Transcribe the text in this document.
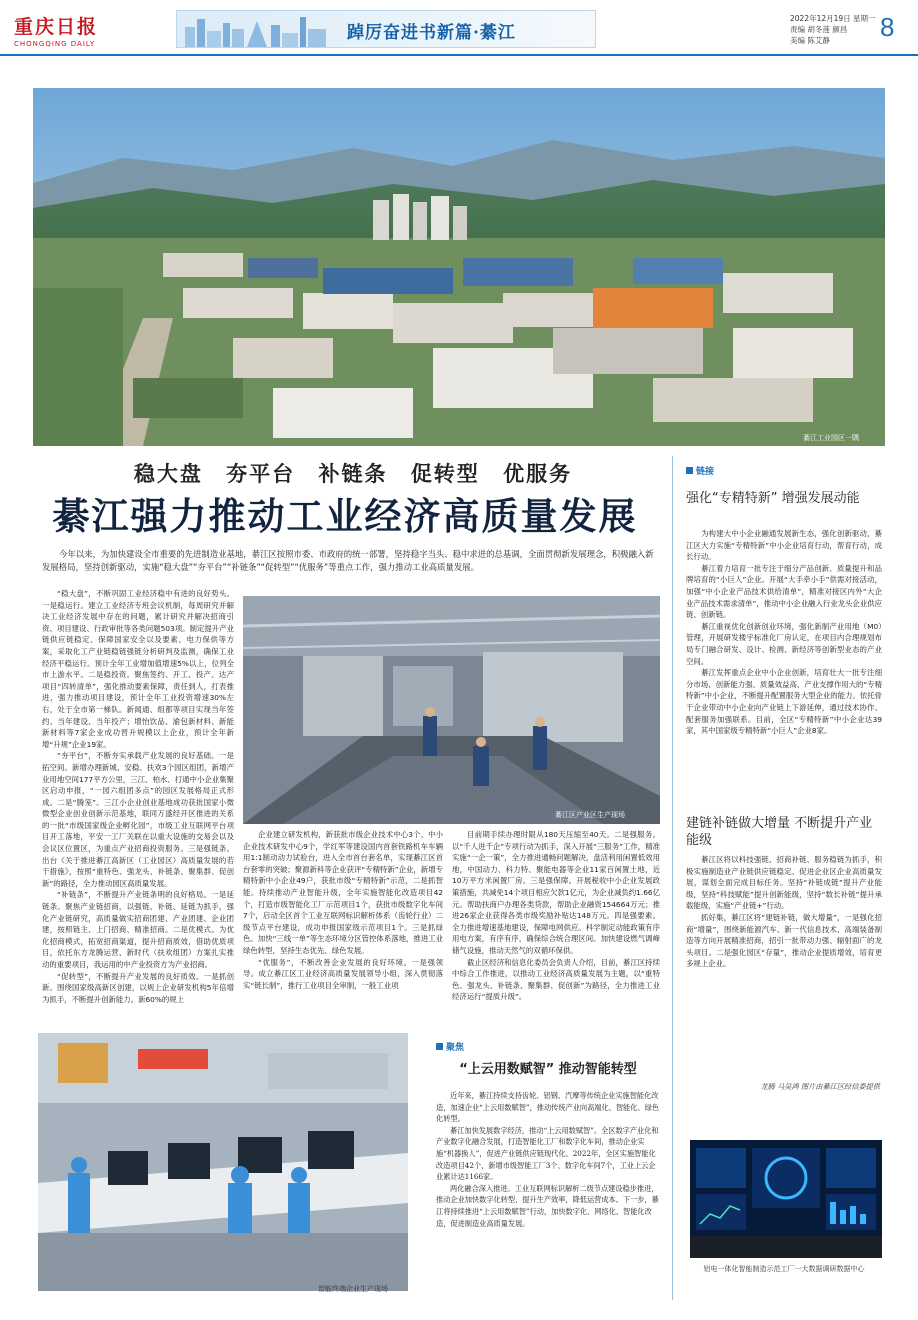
重庆日报
CHONGQING DAILY
踔厉奋进书新篇·綦江
2022年12月19日 星期一
责编 胡冬莲 颜昌
美编 陈艾静	8
綦江工业园区一隅
稳大盘 夯平台 补链条 促转型 优服务
綦江强力推动工业经济高质量发展
今年以来，为加快建设全市重要的先进制造业基地，綦江区按照市委、市政府的统一部署，坚持稳字当头、稳中求进的总基调，全面贯彻新发展理念，积极融入新发展格局，坚持创新驱动，实施“稳大盘”“夯平台”“补链条”“促转型”“优服务”等重点工作，强力推动工业高质量发展。

“稳大盘”，不断巩固工业经济稳中有进的良好势头。一是稳运行。建立工业经济专班会议机制，每周研究并解决工业经济发展中存在的问题，累计研究并解决招商引资、项目建设、行政审批等各类问题503项。制定提升产业链供应链稳定、保障国家安全以及要素、电力保供等方案，采取化工产业链稳链强链分析研判及监测，确保工业经济平稳运行。预计全年工业增加值增速5%以上，位列全市上游水平。二是稳投资。聚焦签约、开工、投产、达产项目“四转清单”，强化推动要素保障，责任到人，打表推进，强力推动项目建设，预计全年工业投资增速30%左右，处于全市第一梯队。新闻通、组都等项目实现当年签约、当年建设、当年投产；增怡饮品、渝包新材料、新能新材料等7家企业成功晋升规模以上企业，预计全年新增“升规”企业19家。

“夯平台”，不断夯实承载产业发展的良好基础。一是拓空间。新增办理新城、安稳、扶欢3个园区组团，新增产业用地空间177平方公里，三江、柏水、打通中小企业集聚区启动申报，“一园六组团多点”的园区发展格局正式形成。二是“腾笼”。三江小企业创业基地成功获批国家小微微型企业创业创新示范基地，联同万盛经开区推进的关系的一批“市级国家级企业孵化园”，市级工业互联网平台项目开工落地，平安一工厂关联在以重大设施的交易会以及会议区位置区，为重点产业招商投资服务。三是强链条。出台《关于推进綦江高新区（工业园区）高质量发展的若干措施》，按照“重特色、强龙头、补链条、聚集群、促创新”的路径，全力推动园区高质量发展。

“补链条”，不断提升产业链条明的良好格局。一是延链条。聚焦产业链招商，以强链、补链、延链为抓手，强化产业链研究，高质量做实招商团建、产业团建、企业团建，按照链主、上门招商、精准招商。二是优模式。为优化招商模式，拓宽招商渠道，提升招商质效，借助优质项目，依托东方龙腾运营、新时代（扶欢组团）方案扎实推动的重要项目，我运用的中产业投资方为产业招商。

“促转型”，不断提升产业发展的良好质效。一是抓创新。围绕国家级高新区创建，以规上企业研发机构5年倍增为抓手，不断提升创新能力。新60%的规上

綦江区产业区生产现场

企业建立研发机构，新获批市级企业技术中心3个、中小企业技术研发中心9个，学红军等建设国内首套铁路机车车辆用1:1制动动力试验台，进入全市首台套名单，实现綦江区首台套零的突破；聚源新科等企业获评“专精特新”企业，新增专精特新中小企业49户，获批市级“专精特新”示范，二是抓智能。持续推动产业智能升级，全年实施智能化改造项目42个，打造市级智能化工厂示范项目1个，获批市级数字化车间7个，启动全区首个工业互联网标识解析体系（齿轮行业）二级节点平台建设，成功申报国家级示范项目1个。三是抓绿色。加快“三线一单”等生态环境分区管控体系落地，推进工业绿色转型，坚持生态优先、绿色发展。

“优服务”，不断改善企业发展的良好环境。一是强领导。成立綦江区工业经济高质量发展领导小组，深入贯彻落实“链长制”，推行工业项目全审制，一般工业项

目前期手续办理时限从180天压缩至40天。二是强服务。以“千人进千企”专项行动为抓手，深入开展“三服务”工作，精准实施“一企一策”，全力推进通畅问题解决，盘活利用闲置低效用地，中国动力、科力特、聚能电器等企业11家百闲置土地，近10万平方米闲置厂房。三是强保障。开展税收中小企业发展政策措施，共减免14个项目相应欠款1亿元，为企业减负约1.66亿元。帮助扶商户办理各类贷款，帮助企业融资154664万元；推进26家企业获得各类市级奖励补贴达148万元。四是强要素。全力推进增速基地建设，保障电网供应。科学制定动能政策有序用电方案，有序有序，确保综合统合理区间。加快建设燃气调峰储气设施，推动天然气的双循环保供。

截止区经济和信息化委员会负责人介绍，目前，綦江区持续中综合工作推进，以推动工业经济高质量发展为主题，以“重特色、强龙头、补链条、聚集群、促创新”为路径，全力推进工业经济运行“提质升级”。

智能终端企业生产现场
聚焦
“上云用数赋智” 推动智能转型

近年来，綦江持续支持齿轮、铝钢、汽摩等传统企业实施智能化改造，加速企业“上云用数赋智”，推动传统产业向高端化、智能化、绿色化转型。

綦江加快发展数字经济，推动“上云用数赋智”。全区数字产业化和产业数字化融合发展，打造智能化工厂和数字化车间，推动企业实施“机器换人”，促进产业链供应链现代化。2022年，全区实施智能化改造项目42个，新增市级智能工厂3个、数字化车间7个，工业上云企业累计达1166家。

两化融合深入推进。工业互联网标识解析二级节点建设稳步推进，推动企业加快数字化转型，提升生产效率，降低运营成本。下一步，綦江将持续推进“上云用数赋智”行动，加快数字化、网络化、智能化改造，促进制造业高质量发展。

链接
强化“专精特新” 增强发展动能

为构建大中小企业融通发展新生态，强化创新驱动，綦江区大力实施“专精特新”中小企业培育行动，帮育行动，成长行动。

綦江着力培育一批专注于细分产品创新、质量提升和品牌培育的“小巨人”企业。开展“大手牵小手”供需对接活动，加强“中小企业产品技术供给清单”，精准对接区内外“大企业产品技术需求清单”，推动中小企业融入行业龙头企业供应链、创新链。

綦江重视优化创新创业环境，强化新制产业用地（M0）管理，开展研发楼宇标准化厂房认定，在项目内合理规划布局专门融合研发、设计、检测、新经济等创新型业态的产业空间。

綦江发挥重点企业中小企业创新，培育壮大一批专注细分市场、创新能力强、质量效益高、产业支撑作用大的“专精特新”中小企业，不断提升配置服务大型企业的能力。依托骨干企业带动中小企业向产业链上下游延伸，通过技术协作、配套服务加强联系。目前，全区“专精特新”中小企业达39家，其中国家级专精特新“小巨人”企业8家。

建链补链做大增量 不断提升产业能级

綦江区将以科技强链、招商补链、服务稳链为抓手，积极实施制造业产业链供应链稳定、促进企业区企业高质量发展，谋划全面完成目标任务。坚持“补链成链”提升产业能级，坚持“科技赋能”提升创新能级，坚持“数长补链”提升承载能级，实施“产业链+”行动。

抓好集，綦江区将“建链补链，做大增量”，一是强化招商“增量”，围绕新能源汽车、新一代信息技术、高端装备制造等方向开展精准招商，招引一批带动力强、辐射面广的龙头项目。二是强化园区“存量”，推动企业提质增效，培育更多规上企业。

龙腾 马昊鸿 图片由綦江区经信委提供
铝电一体化智能制造示范工厂一大数据调研数据中心
